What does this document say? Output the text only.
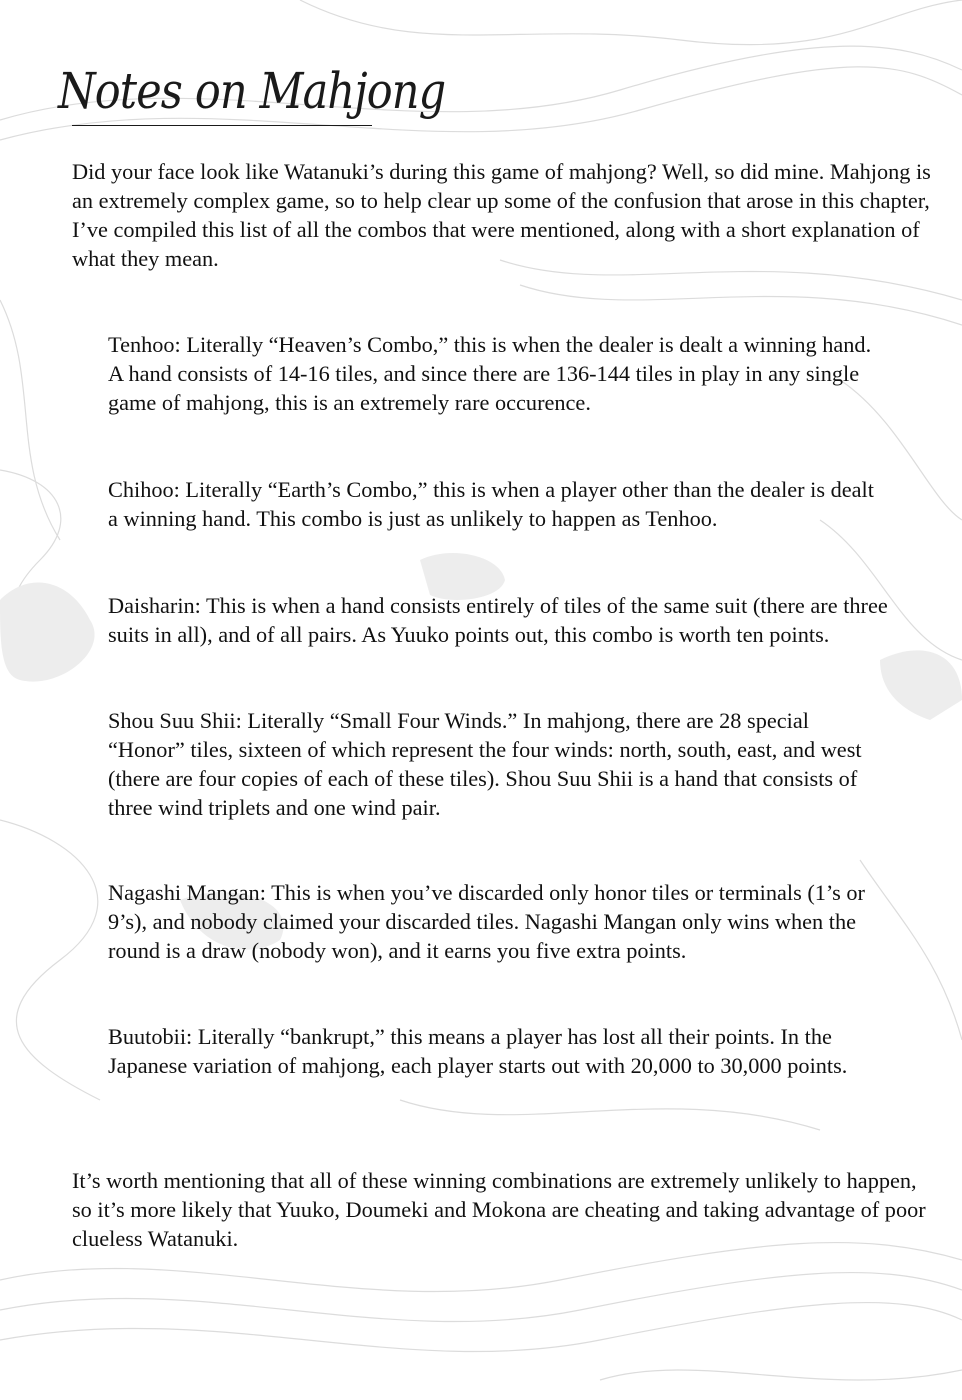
Notes on Mahjong

Did your face look like Watanuki’s during this game of mahjong? Well, so did mine. Mahjong is an extremely complex game, so to help clear up some of the confusion that arose in this chapter, I’ve compiled this list of all the combos that were mentioned, along with a short explanation of what they mean.

Tenhoo: Literally “Heaven’s Combo,” this is when the dealer is dealt a winning hand. A hand consists of 14-16 tiles, and since there are 136-144 tiles in play in any single game of mahjong, this is an extremely rare occurence.

Chihoo: Literally “Earth’s Combo,” this is when a player other than the dealer is dealt a winning hand. This combo is just as unlikely to happen as Tenhoo.

Daisharin: This is when a hand consists entirely of tiles of the same suit (there are three suits in all), and of all pairs. As Yuuko points out, this combo is worth ten points.

Shou Suu Shii: Literally “Small Four Winds.” In mahjong, there are 28 special “Honor” tiles, sixteen of which represent the four winds: north, south, east, and west (there are four copies of each of these tiles). Shou Suu Shii is a hand that consists of three wind triplets and one wind pair.

Nagashi Mangan: This is when you’ve discarded only honor tiles or terminals (1’s or 9’s), and nobody claimed your discarded tiles. Nagashi Mangan only wins when the round is a draw (nobody won), and it earns you five extra points.

Buutobii: Literally “bankrupt,” this means a player has lost all their points. In the Japanese variation of mahjong, each player starts out with 20,000 to 30,000 points.

It’s worth mentioning that all of these winning combinations are extremely unlikely to happen, so it’s more likely that Yuuko, Doumeki and Mokona are cheating and taking advantage of poor clueless Watanuki.
